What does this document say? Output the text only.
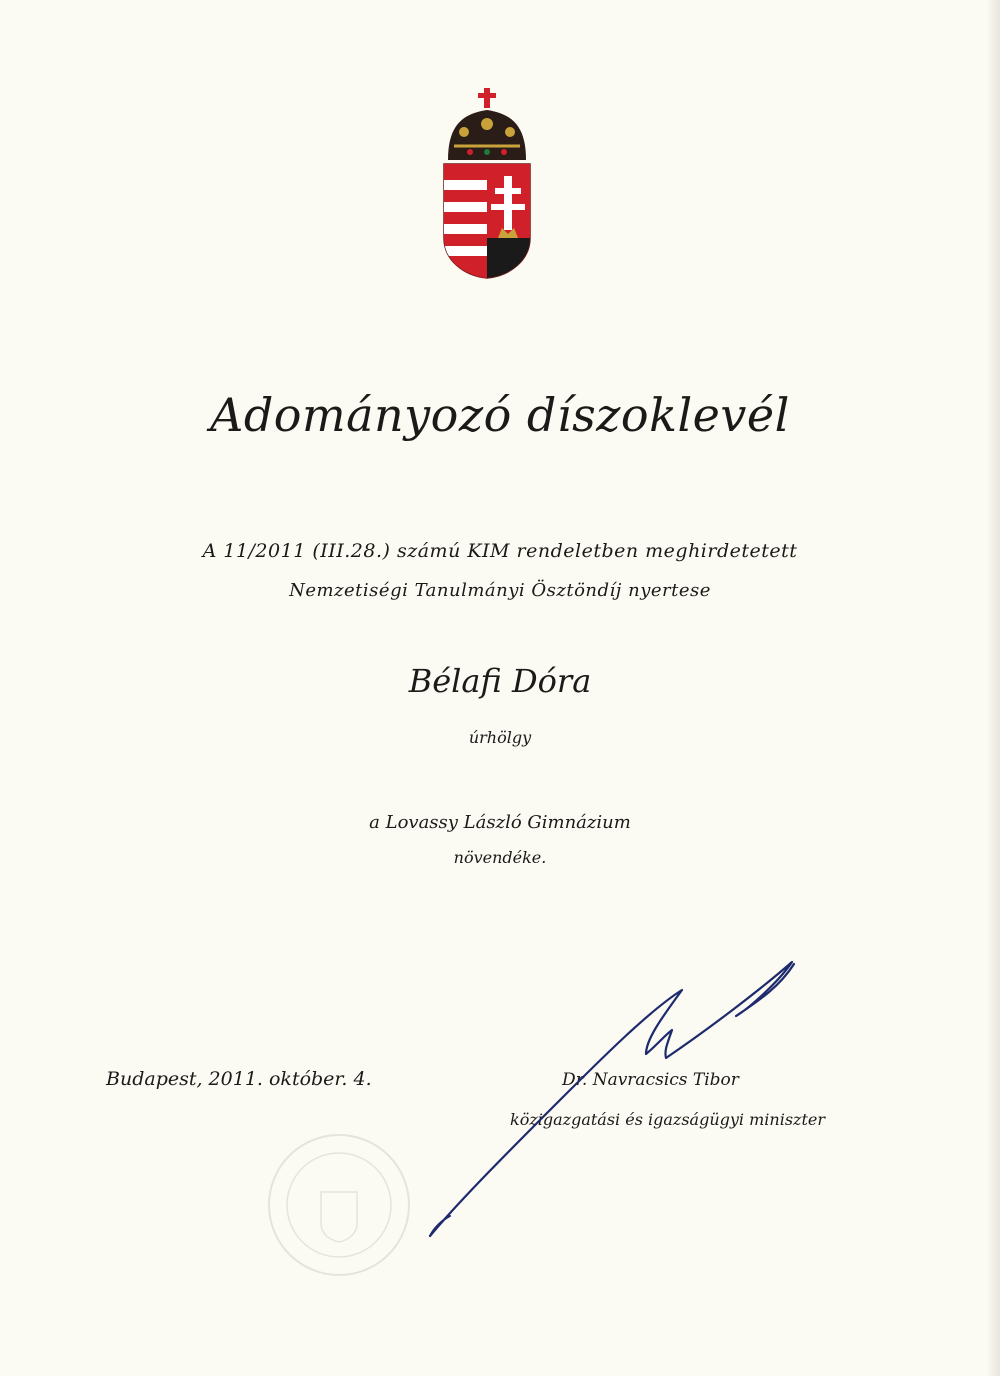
Adományozó díszoklevél
A 11/2011 (III.28.) számú KIM rendeletben meghirdetetett
Nemzetiségi Tanulmányi Ösztöndíj nyertese
Bélafi Dóra
úrhölgy
a Lovassy László Gimnázium
növendéke.
Budapest, 2011. október. 4.	Dr. Navracsics Tibor
közigazgatási és igazságügyi miniszter
